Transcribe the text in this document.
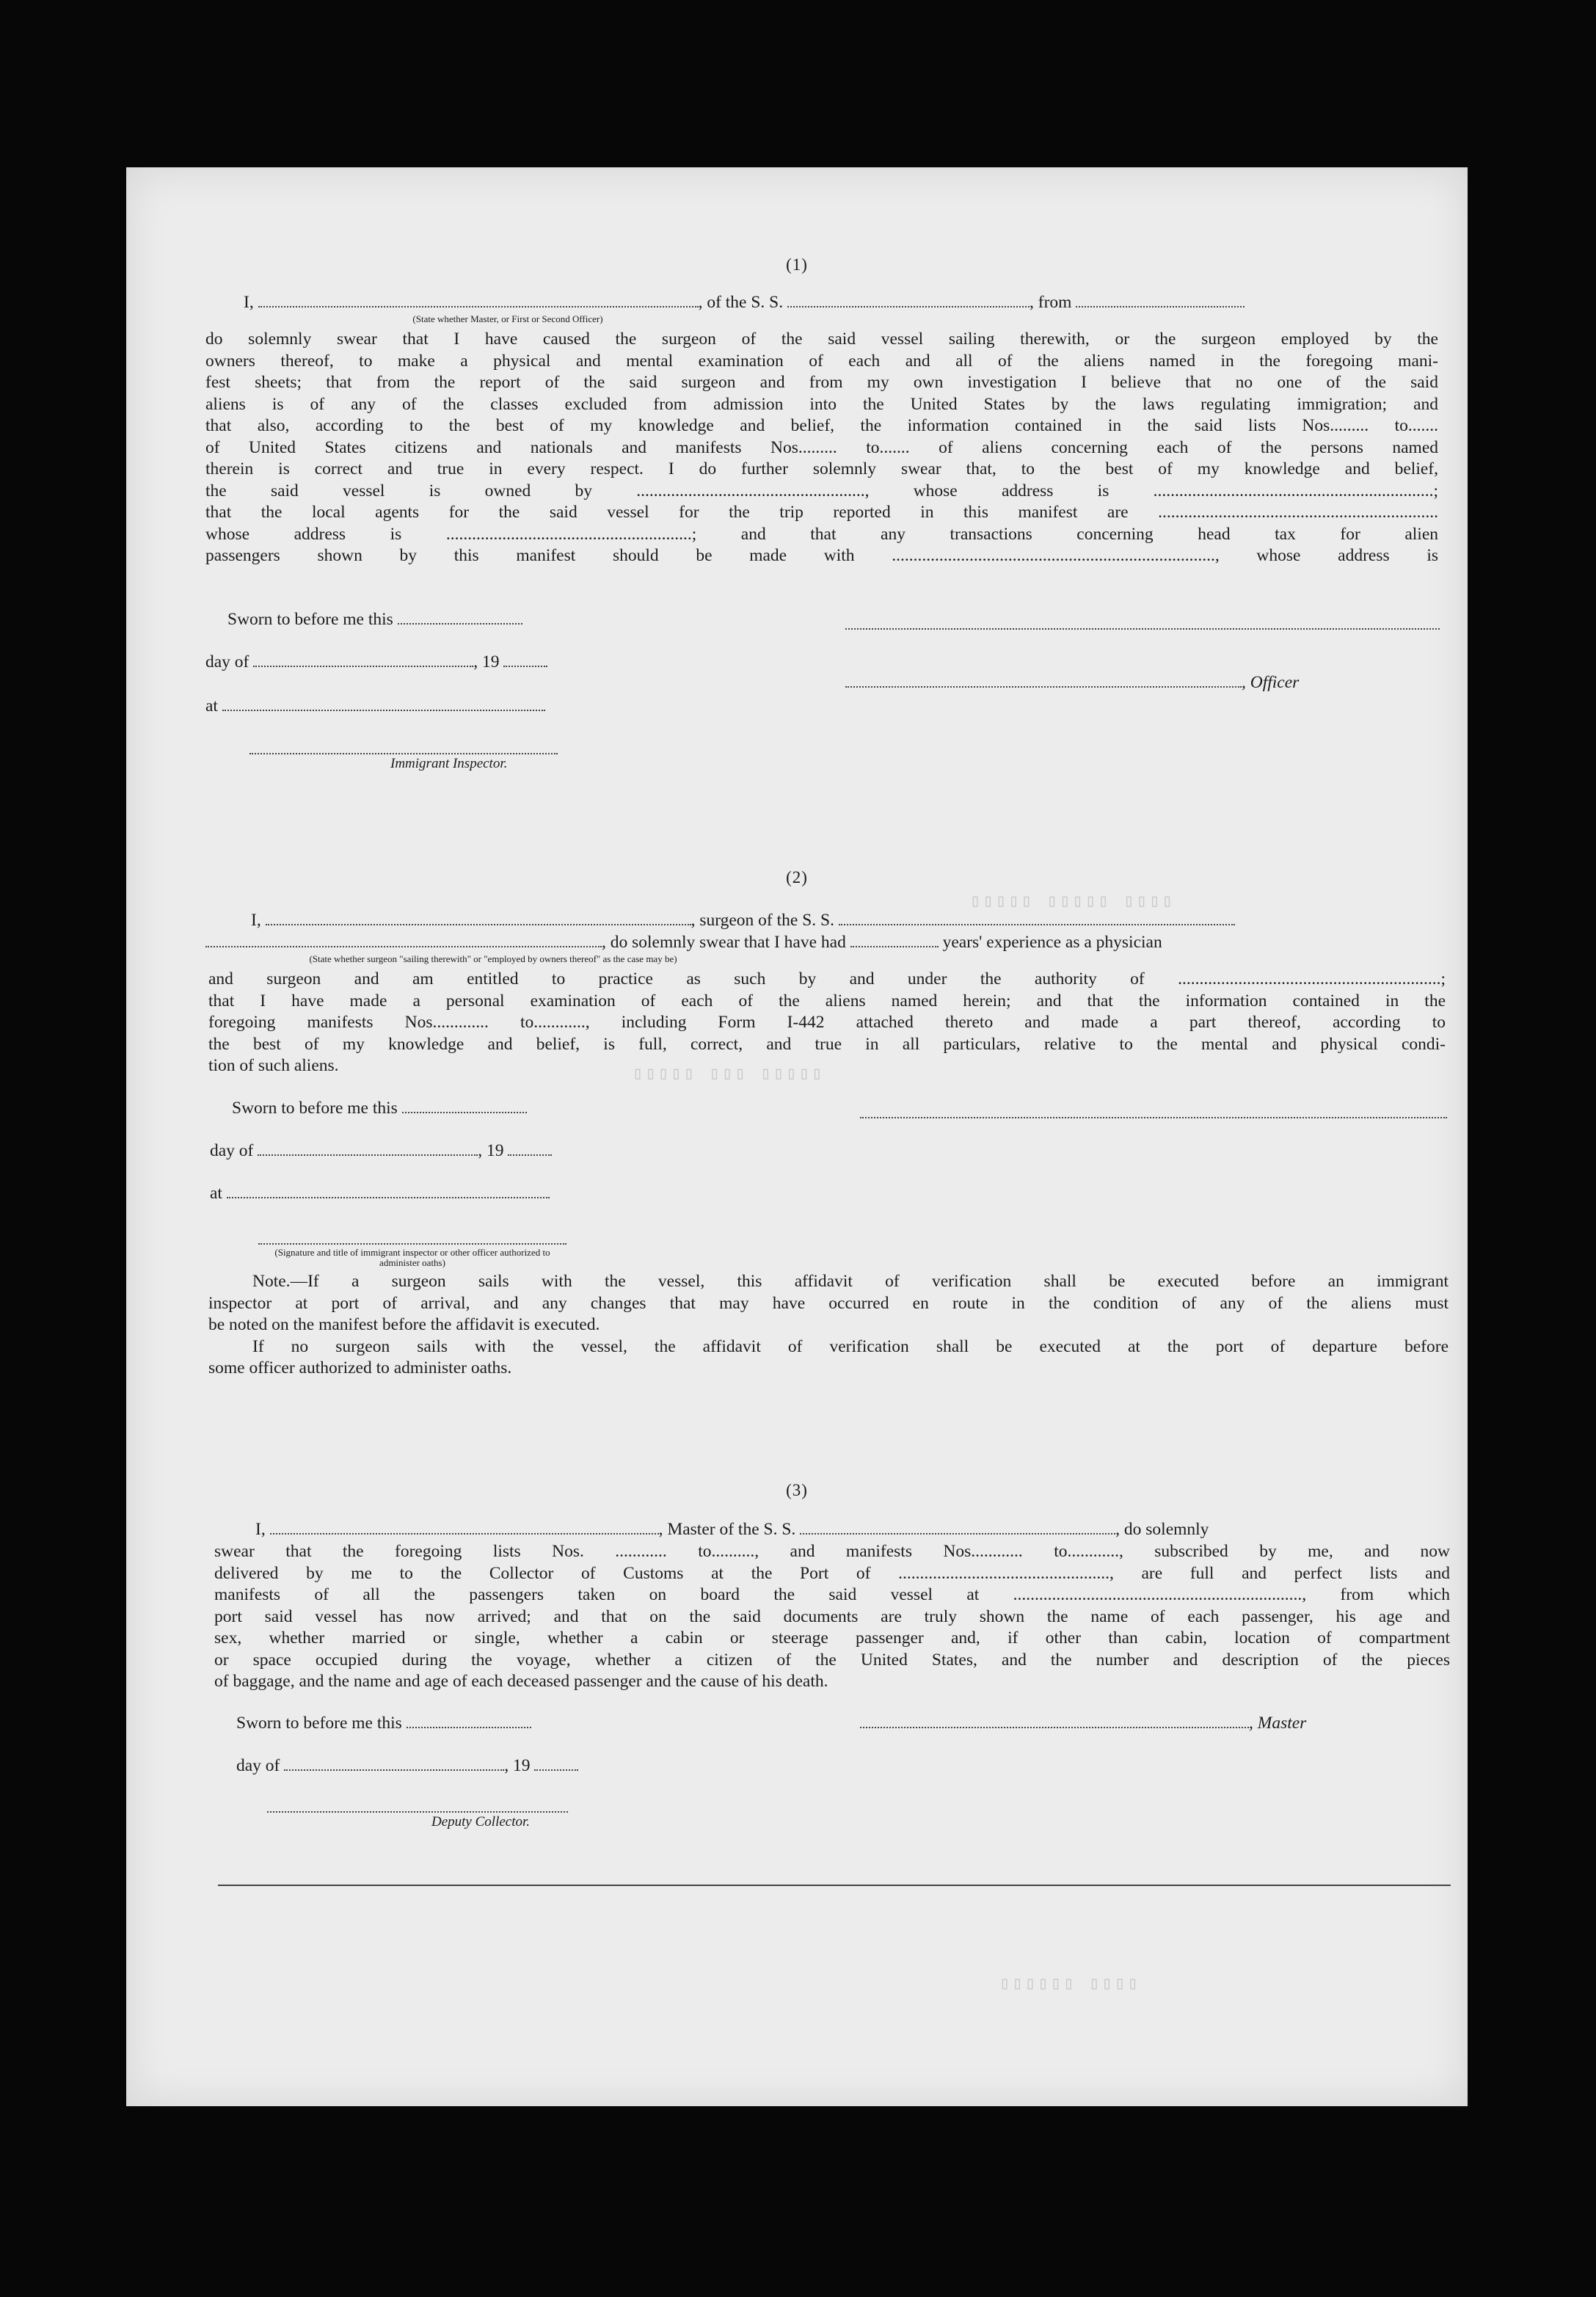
▯▯▯▯▯ ▯▯▯▯▯ ▯▯▯▯
▯▯▯▯▯ ▯▯▯ ▯▯▯▯▯
▯▯▯▯▯▯ ▯▯▯▯
(1)
I,	, of the S. S.	, from
(State whether Master, or First or Second Officer)
do solemnly swear that I have caused the surgeon of the said vessel sailing therewith, or the surgeon employed by the
owners thereof, to make a physical and mental examination of each and all of the aliens named in the foregoing mani-
fest sheets; that from the report of the said surgeon and from my own investigation I believe that no one of the said
aliens is of any of the classes excluded from admission into the United States by the laws regulating immigration; and
that also, according to the best of my knowledge and belief, the information contained in the said lists Nos......... to.......
of United States citizens and nationals and manifests Nos......... to....... of aliens concerning each of the persons named
therein is correct and true in every respect. I do further solemnly swear that, to the best of my knowledge and belief,
the said vessel is owned by ....................................................., whose address is .................................................................;
that the local agents for the said vessel for the trip reported in this manifest are .................................................................
whose address is .........................................................; and that any transactions concerning head tax for alien
passengers shown by this manifest should be made with ..........................................................................., whose address is
Sworn to before me this
day of	, 19
at
Immigrant Inspector.
, Officer
(2)
I,	, surgeon of the S. S.
, do solemnly swear that I have had	years' experience as a physician
(State whether surgeon "sailing therewith" or "employed by owners thereof" as the case may be)
and surgeon and am entitled to practice as such by and under the authority of .............................................................;
that I have made a personal examination of each of the aliens named herein; and that the information contained in the
foregoing manifests Nos............. to............, including Form I-442 attached thereto and made a part thereof, according to
the best of my knowledge and belief, is full, correct, and true in all particulars, relative to the mental and physical condi-
tion of such aliens.
Sworn to before me this
day of	, 19
at
(Signature and title of immigrant inspector or other officer authorized to administer oaths)
Note.—If a surgeon sails with the vessel, this affidavit of verification shall be executed before an immigrant
inspector at port of arrival, and any changes that may have occurred en route in the condition of any of the aliens must
be noted on the manifest before the affidavit is executed.
If no surgeon sails with the vessel, the affidavit of verification shall be executed at the port of departure before
some officer authorized to administer oaths.
(3)
I,	, Master of the S. S.	, do solemnly
swear that the foregoing lists Nos. ............ to.........., and manifests Nos............ to............, subscribed by me, and now
delivered by me to the Collector of Customs at the Port of ................................................., are full and perfect lists and
manifests of all the passengers taken on board the said vessel at ..................................................................., from which
port said vessel has now arrived; and that on the said documents are truly shown the name of each passenger, his age and
sex, whether married or single, whether a cabin or steerage passenger and, if other than cabin, location of compartment
or space occupied during the voyage, whether a citizen of the United States, and the number and description of the pieces
of baggage, and the name and age of each deceased passenger and the cause of his death.
Sworn to before me this
day of	, 19
Deputy Collector.
, Master
